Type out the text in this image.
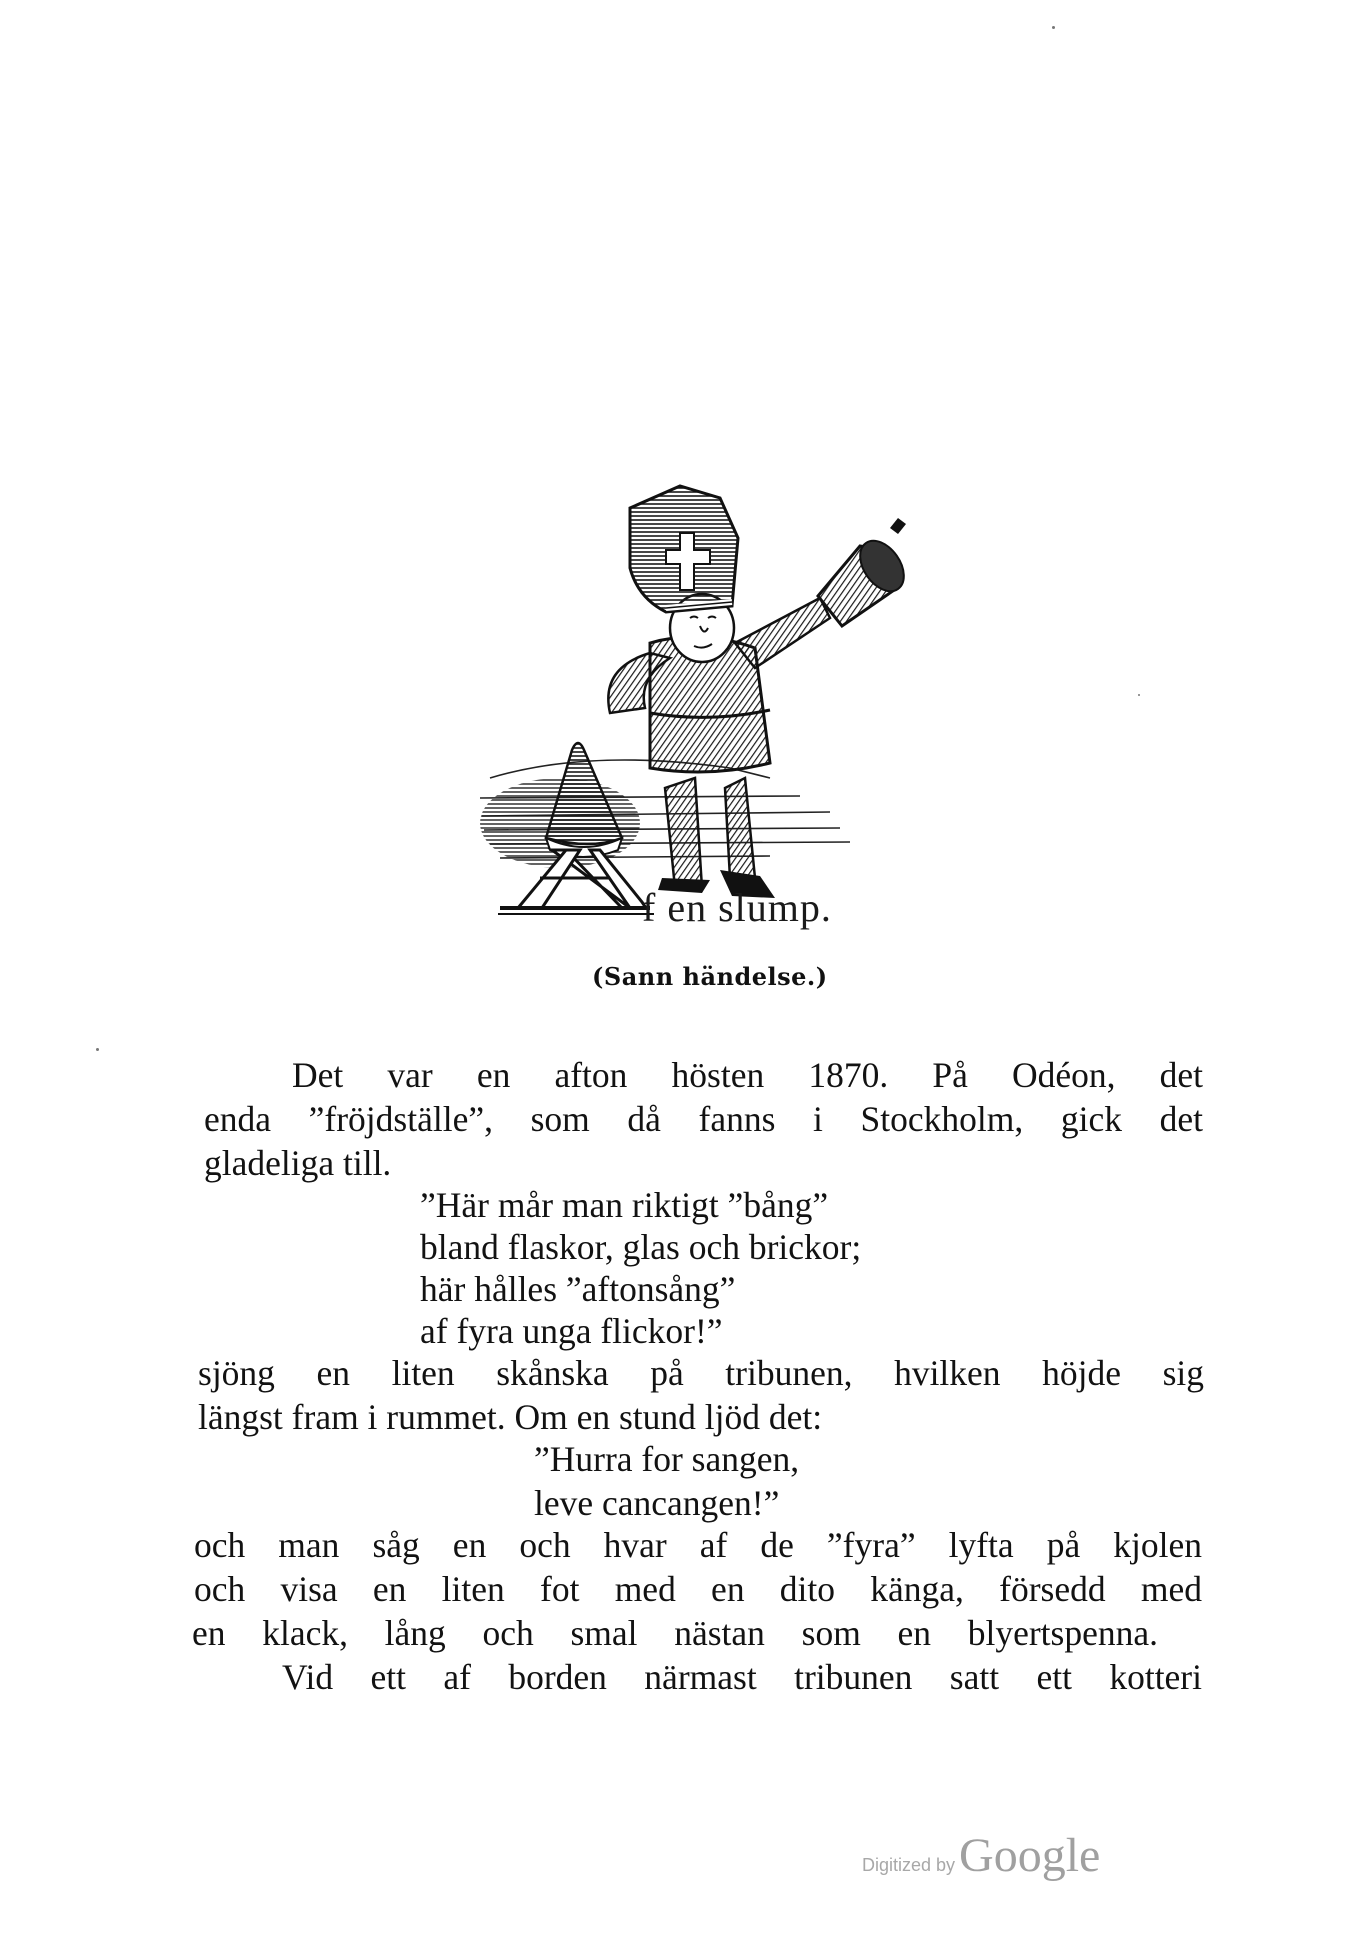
f en slump.
(Sann händelse.)
Det var en afton hösten 1870. På Odéon, det
enda ”fröjdställe”, som då fanns i Stockholm, gick det
gladeliga till.
”Här mår man riktigt ”bång”
bland flaskor, glas och brickor;
här hålles ”aftonsång”
af fyra unga flickor!”
sjöng en liten skånska på tribunen, hvilken höjde sig
längst fram i rummet. Om en stund ljöd det:
”Hurra for sangen,
leve cancangen!”
och man såg en och hvar af de ”fyra” lyfta på kjolen
och visa en liten fot med en dito känga, försedd med
en klack, lång och smal nästan som en blyertspenna.
Vid ett af borden närmast tribunen satt ett kotteri
Digitized byGoogle
